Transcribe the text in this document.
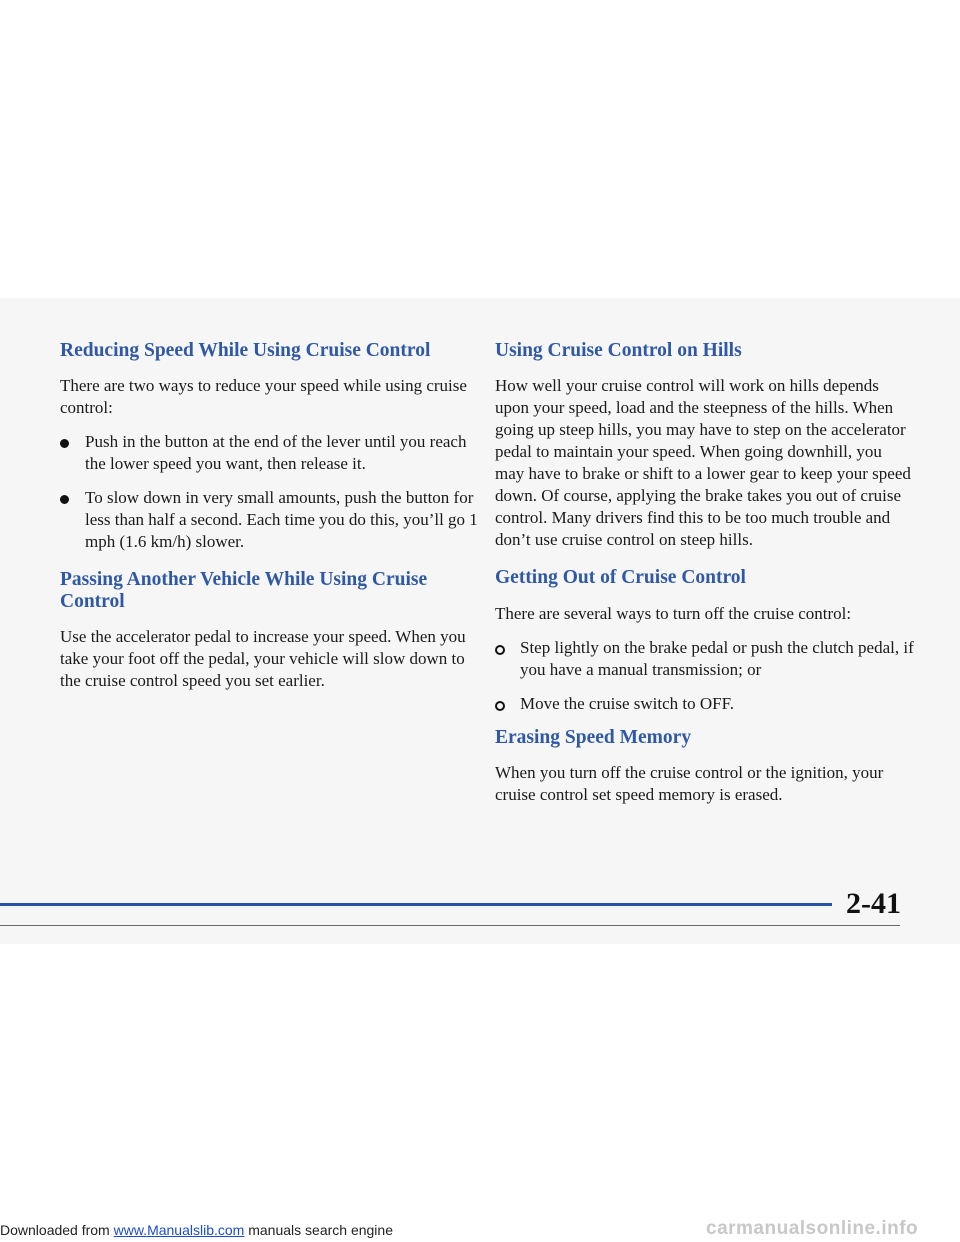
Reducing Speed While Using Cruise Control

There are two ways to reduce your speed while using cruise control:

Push in the button at the end of the lever until you reach the lower speed you want, then release it.
To slow down in very small amounts, push the button for less than half a second. Each time you do this, you’ll go 1 mph (1.6 km/h) slower.
Passing Another Vehicle While Using Cruise Control

Use the accelerator pedal to increase your speed. When you take your foot off the pedal, your vehicle will slow down to the cruise control speed you set earlier.

Using Cruise Control on Hills

How well your cruise control will work on hills depends upon your speed, load and the steepness of the hills. When going up steep hills, you may have to step on the accelerator pedal to maintain your speed. When going downhill, you may have to brake or shift to a lower gear to keep your speed down. Of course, applying the brake takes you out of cruise control. Many drivers find this to be too much trouble and don’t use cruise control on steep hills.

Getting Out of Cruise Control

There are several ways to turn off the cruise control:

Step lightly on the brake pedal or push the clutch pedal, if you have a manual transmission; or
Move the cruise switch to OFF.
Erasing Speed Memory

When you turn off the cruise control or the ignition, your cruise control set speed memory is erased.

2-41
Downloaded from www.Manualslib.com manuals search engine	carmanualsonline.info
